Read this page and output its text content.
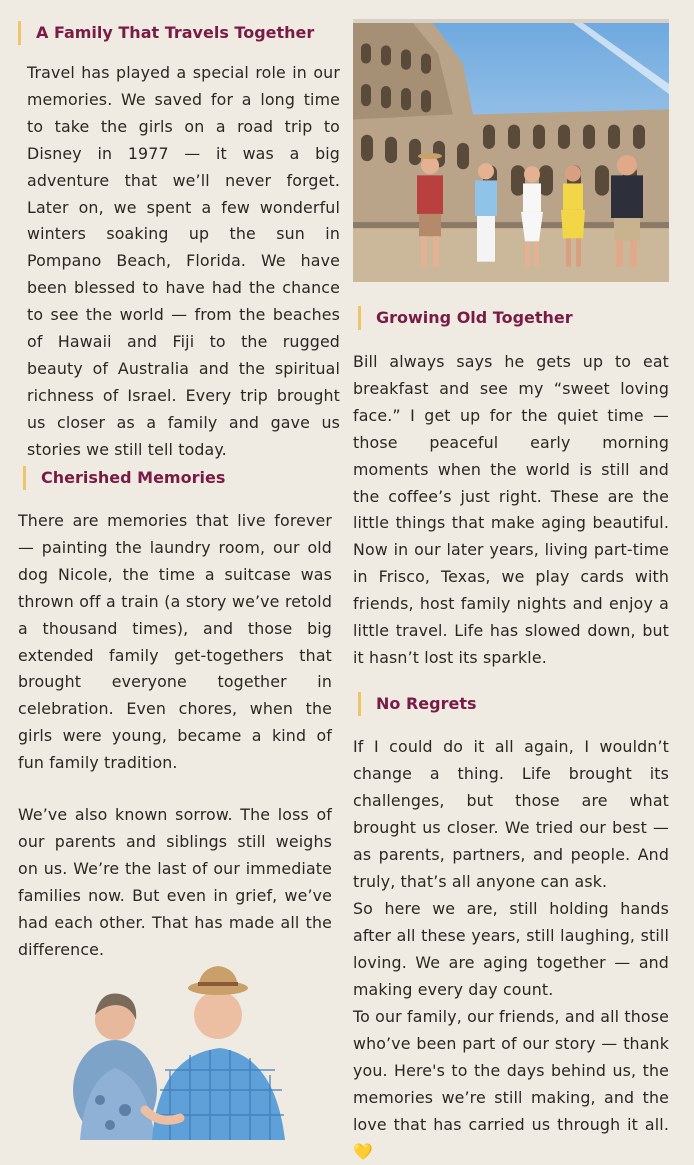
A Family That Travels Together

Travel has played a special role in our memories. We saved for a long time to take the girls on a road trip to Disney in 1977 — it was a big adventure that we’ll never forget. Later on, we spent a few wonderful winters soaking up the sun in Pompano Beach, Florida. We have been blessed to have had the chance to see the world — from the beaches of Hawaii and Fiji to the rugged beauty of Australia and the spiritual richness of Israel. Every trip brought us closer as a family and gave us stories we still tell today.

Cherished Memories

There are memories that live forever — painting the laundry room, our old dog Nicole, the time a suitcase was thrown off a train (a story we’ve retold a thousand times), and those big extended family get-togethers that brought everyone together in celebration. Even chores, when the girls were young, became a kind of fun family tradition.

We’ve also known sorrow. The loss of our parents and siblings still weighs on us. We’re the last of our immediate families now. But even in grief, we’ve had each other. That has made all the difference.

Growing Old Together

Bill always says he gets up to eat breakfast and see my “sweet loving face.” I get up for the quiet time — those peaceful early morning moments when the world is still and the coffee’s just right. These are the little things that make aging beautiful. Now in our later years, living part-time in Frisco, Texas, we play cards with friends, host family nights and enjoy a little travel. Life has slowed down, but it hasn’t lost its sparkle.

No Regrets

If I could do it all again, I wouldn’t change a thing. Life brought its challenges, but those are what brought us closer. We tried our best — as parents, partners, and people. And truly, that’s all anyone can ask.

So here we are, still holding hands after all these years, still laughing, still loving. We are aging together — and making every day count.

To our family, our friends, and all those who’ve been part of our story — thank you. Here's to the days behind us, the memories we’re still making, and the love that has carried us through it all. 💛
